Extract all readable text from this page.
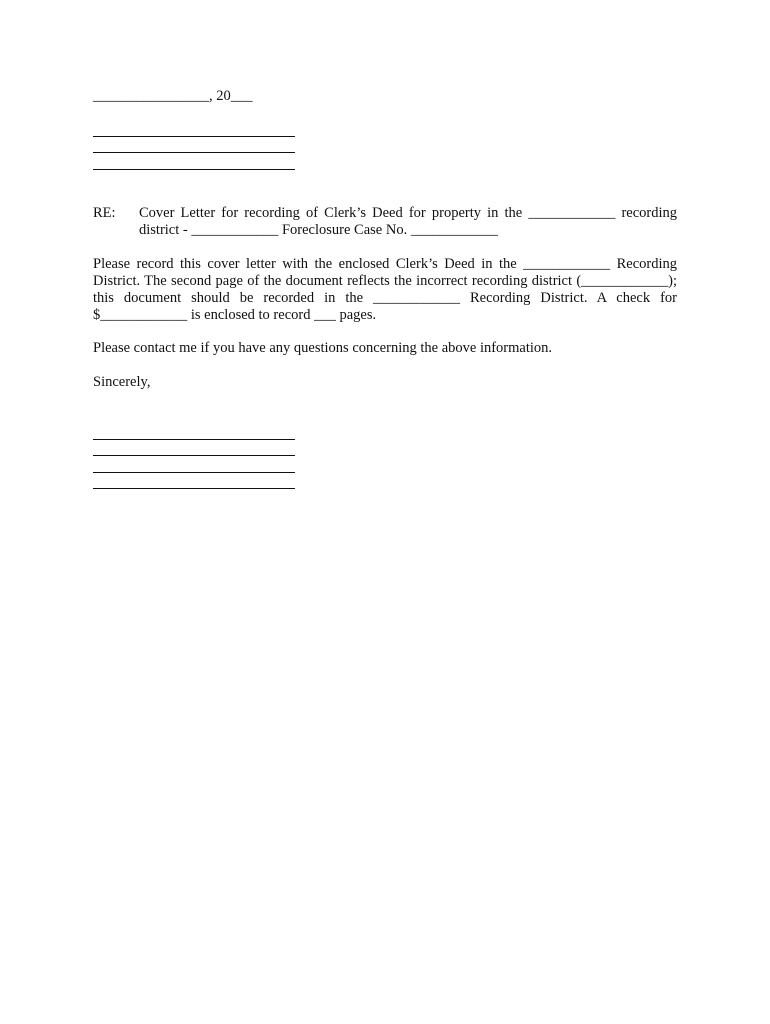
________________, 20___
RE: Cover Letter for recording of Clerk’s Deed for property in the ____________ recording district - ____________ Foreclosure Case No. ____________
Please record this cover letter with the enclosed Clerk’s Deed in the ____________ Recording District. The second page of the document reflects the incorrect recording district (____________); this document should be recorded in the ____________ Recording District. A check for $____________ is enclosed to record ___ pages.
Please contact me if you have any questions concerning the above information.
Sincerely,
